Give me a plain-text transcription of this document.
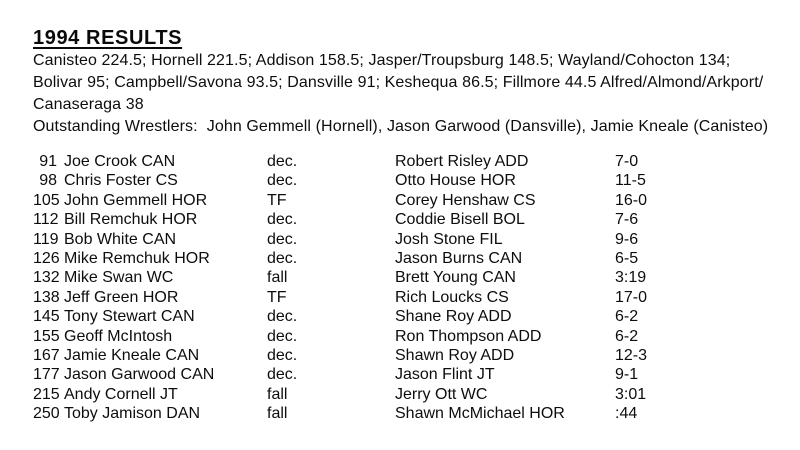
1994 RESULTS
Canisteo 224.5; Hornell 221.5; Addison 158.5; Jasper/Troupsburg 148.5; Wayland/Cohocton 134;
Bolivar 95; Campbell/Savona 93.5; Dansville 91; Keshequa 86.5; Fillmore 44.5 Alfred/Almond/Arkport/
Canaseraga 38
Outstanding Wrestlers:  John Gemmell (Hornell), Jason Garwood (Dansville), Jamie Kneale (Canisteo)
91 Joe Crook CAN	dec.	Robert Risley ADD	7-0
98 Chris Foster CS	dec.	Otto House HOR	11-5
105 John Gemmell HOR	TF	Corey Henshaw CS	16-0
112 Bill Remchuk HOR	dec.	Coddie Bisell BOL	7-6
119 Bob White CAN	dec.	Josh Stone FIL	9-6
126 Mike Remchuk HOR	dec.	Jason Burns CAN	6-5
132 Mike Swan WC	fall	Brett Young CAN	3:19
138 Jeff Green HOR	TF	Rich Loucks CS	17-0
145 Tony Stewart CAN	dec.	Shane Roy ADD	6-2
155 Geoff McIntosh	dec.	Ron Thompson ADD	6-2
167 Jamie Kneale CAN	dec.	Shawn Roy ADD	12-3
177 Jason Garwood CAN	dec.	Jason Flint JT	9-1
215 Andy Cornell JT	fall	Jerry Ott WC	3:01
250 Toby Jamison DAN	fall	Shawn McMichael HOR	:44
